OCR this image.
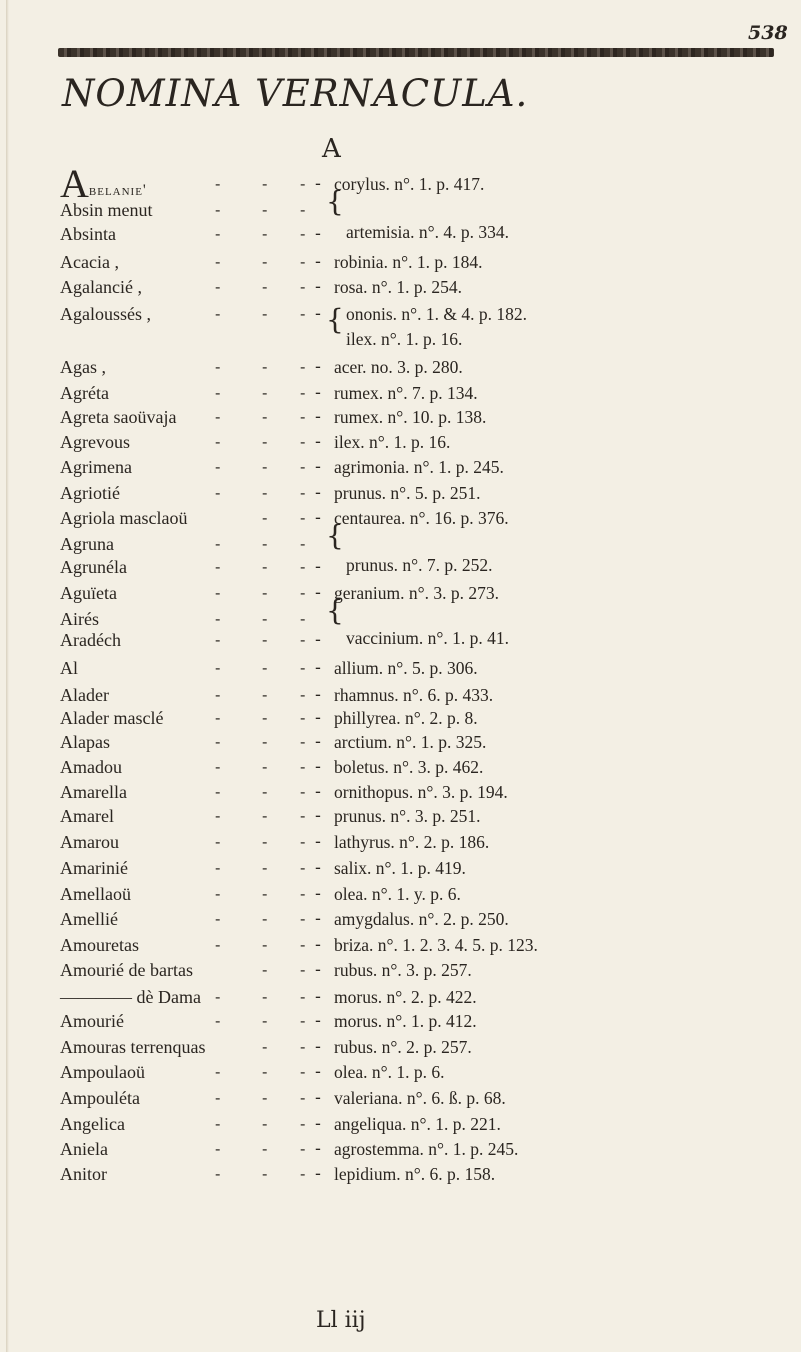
538
NOMINA VERNACULA.
A
Abelanie'	-	- - - corylus. n°. 1. p. 417.
Absin menut	-	- - {
Absinta	-	- - - artemisia. n°. 4. p. 334.
Acacia ,	-	- - - robinia. n°. 1. p. 184.
Agalancié ,	-	- - - rosa. n°. 1. p. 254.
Agaloussés ,	-	- - - { ononis. n°. 1. & 4. p. 182.
ilex. n°. 1. p. 16.
Agas ,	-	- - - acer. no. 3. p. 280.
Agréta	-	- - - rumex. n°. 7. p. 134.
Agreta saoüvaja -	- - - rumex. n°. 10. p. 138.
Agrevous	-	- - - ilex. n°. 1. p. 16.
Agrimena	-	- - - agrimonia. n°. 1. p. 245.
Agriotié	-	- - - prunus. n°. 5. p. 251.
Agriola masclaoü	- - - centaurea. n°. 16. p. 376.
Agruna	-	- - {
Agrunéla	-	- - - prunus. n°. 7. p. 252.
Aguïeta	-	- - - geranium. n°. 3. p. 273.
Airés	-	- - {
Aradéch	-	- - - vaccinium. n°. 1. p. 41.
Al	-	- - - allium. n°. 5. p. 306.
Alader	-	- - - rhamnus. n°. 6. p. 433.
Alader masclé	-	- - - phillyrea. n°. 2. p. 8.
Alapas	-	- - - arctium. n°. 1. p. 325.
Amadou	-	- - - boletus. n°. 3. p. 462.
Amarella	-	- - - ornithopus. n°. 3. p. 194.
Amarel	-	- - - prunus. n°. 3. p. 251.
Amarou	-	- - - lathyrus. n°. 2. p. 186.
Amarinié	-	- - - salix. n°. 1. p. 419.
Amellaoü	-	- - - olea. n°. 1. y. p. 6.
Amellié	-	- - - amygdalus. n°. 2. p. 250.
Amouretas	-	- - - briza. n°. 1. 2. 3. 4. 5. p. 123.
Amourié de bartas	- - - rubus. n°. 3. p. 257.
———— dè Dama -	- - - morus. n°. 2. p. 422.
Amourié	-	- - - morus. n°. 1. p. 412.
Amouras terrenquas	- - - rubus. n°. 2. p. 257.
Ampoulaoü	-	- - - olea. n°. 1. p. 6.
Ampouléta	-	- - - valeriana. n°. 6. ß. p. 68.
Angelica	-	- - - angeliqua. n°. 1. p. 221.
Aniela	-	- - - agrostemma. n°. 1. p. 245.
Anitor	-	- - - lepidium. n°. 6. p. 158.
Ll iij
